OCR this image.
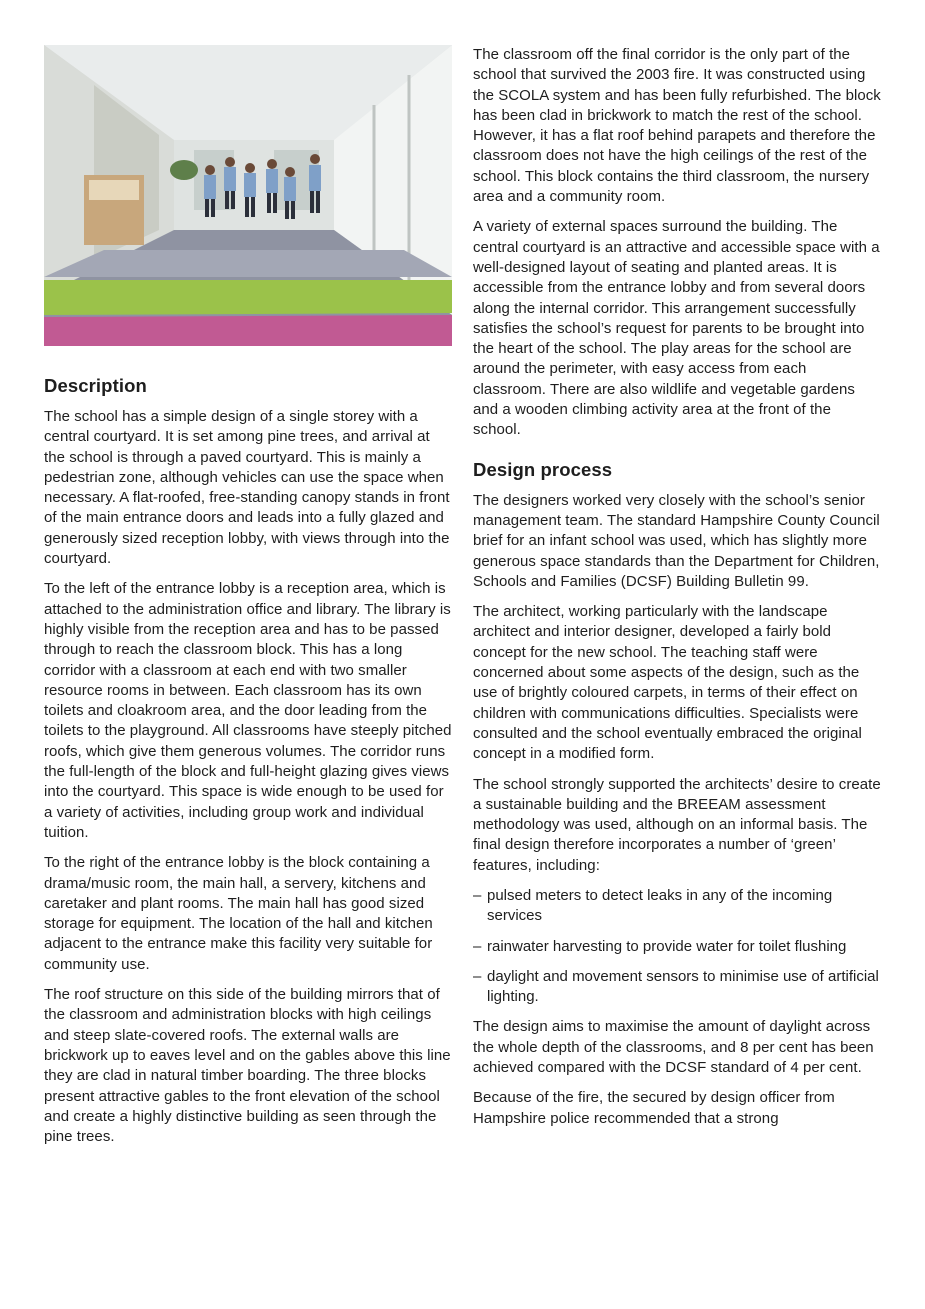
Description

The school has a simple design of a single storey with a central courtyard. It is set among pine trees, and arrival at the school is through a paved courtyard. This is mainly a pedestrian zone, although vehicles can use the space when necessary. A flat-roofed, free-standing canopy stands in front of the main entrance doors and leads into a fully glazed and generously sized reception lobby, with views through into the courtyard.

To the left of the entrance lobby is a reception area, which is attached to the administration office and library. The library is highly visible from the reception area and has to be passed through to reach the classroom block. This has a long corridor with a classroom at each end with two smaller resource rooms in between. Each classroom has its own toilets and cloakroom area, and the door leading from the toilets to the playground. All classrooms have steeply pitched roofs, which give them generous volumes. The corridor runs the full-length of the block and full-height glazing gives views into the courtyard. This space is wide enough to be used for a variety of activities, including group work and individual tuition.

To the right of the entrance lobby is the block containing a drama/music room, the main hall, a servery, kitchens and caretaker and plant rooms. The main hall has good sized storage for equipment. The location of the hall and kitchen adjacent to the entrance make this facility very suitable for community use.

The roof structure on this side of the building mirrors that of the classroom and administration blocks with high ceilings and steep slate-covered roofs. The external walls are brickwork up to eaves level and on the gables above this line they are clad in natural timber boarding. The three blocks present attractive gables to the front elevation of the school and create a highly distinctive building as seen through the pine trees.

The classroom off the final corridor is the only part of the school that survived the 2003 fire. It was constructed using the SCOLA system and has been fully refurbished. The block has been clad in brickwork to match the rest of the school. However, it has a flat roof behind parapets and therefore the classroom does not have the high ceilings of the rest of the school. This block contains the third classroom, the nursery area and a community room.

A variety of external spaces surround the building. The central courtyard is an attractive and accessible space with a well-designed layout of seating and planted areas. It is accessible from the entrance lobby and from several doors along the internal corridor. This arrangement successfully satisfies the school’s request for parents to be brought into the heart of the school. The play areas for the school are around the perimeter, with easy access from each classroom. There are also wildlife and vegetable gardens and a wooden climbing activity area at the front of the school.

Design process

The designers worked very closely with the school’s senior management team. The standard Hampshire County Council brief for an infant school was used, which has slightly more generous space standards than the Department for Children, Schools and Families (DCSF) Building Bulletin 99.

The architect, working particularly with the landscape architect and interior designer, developed a fairly bold concept for the new school. The teaching staff were concerned about some aspects of the design, such as the use of brightly coloured carpets, in terms of their effect on children with communications difficulties. Specialists were consulted and the school eventually embraced the original concept in a modified form.

The school strongly supported the architects’ desire to create a sustainable building and the BREEAM assessment methodology was used, although on an informal basis. The final design therefore incorporates a number of ‘green’ features, including:

– pulsed meters to detect leaks in any of the incoming services
– rainwater harvesting to provide water for toilet flushing
– daylight and movement sensors to minimise use of artificial lighting.

The design aims to maximise the amount of daylight across the whole depth of the classrooms, and 8 per cent has been achieved compared with the DCSF standard of 4 per cent.

Because of the fire, the secured by design officer from Hampshire police recommended that a strong
